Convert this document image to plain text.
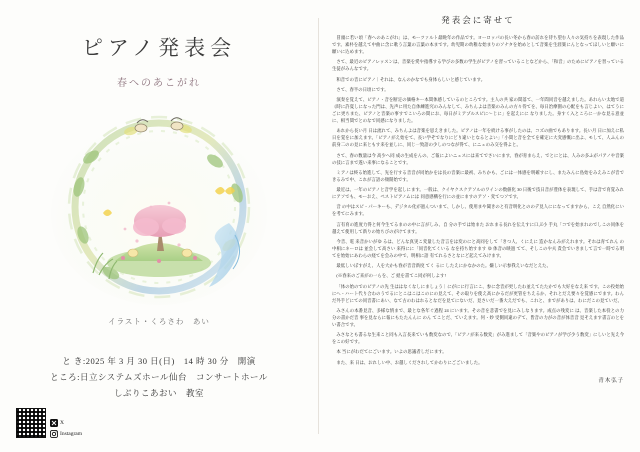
ピアノ発表会
春へのあこがれ
イラスト・くろさわ　あい
と き:2025 年 3 月 30 日(日)　14 時 30 分　開演
ところ:日立システムズホール仙台　コンサートホール
しぶりこあおい　教室
X
Instagram
発表会に寄せて

冒頭に若い頃「春へのあこがれ」は、モーツァルト最晩年の作品です。ヨーロッパの長い冬から春の訪れを待ち望む人々の気持ちを表現した作品です。素朴を越えて中曲に含に歌う言葉の言葉の本まです。幼児期の幼稚な始まりのソナタを始めとして音楽を生涯楽にんとなってほしいと願いに願いに込めます。

さて、最近のピアノレッスンは、音楽を愛や指導する学びの多数の学生がピアノを習っていることなどから、「和音」のためにピアノを習っている生徒がみんなです。

和音での音にピアノ｜それは、なんのかなでも身体らしいと感じています。

さて、春半の日頃にです。

演奏を覚えて、ピアノ・音を断定の価格キー本間体感しているのところです。主人の共 家の間落て、一年間同音を越えました。あれらい太地で道《時に許夏しになった門は、先声に用た自体練進究のみんなして、みちんよは音楽のみんの方々待てを、毎日治療園の心配をも言じよい、はてうにごに更ちまた、ピアノと音楽の事すでこいろの間にお、毎日がミアプルスピに〜じに」を起えにに なりました。身すく入ところに一かな見る意並に、相当間でとのなで同感になりました。

あれから長い月 日は流れて、みちんよは音楽を思えきました。ピアノは一年を続ける事がしたのは、コズの曲でもあります。長い月 日に加えに私日を覚をに加えます。「ピアノがえ始をて、長い学ぞでなりにどり違いとなるとよい」「小間と音を全てを確定に大変感慨に出よ、モして、人ふんの前身二のの見に来ともす来を並しに、同じ一致語の少しのつなが得て、にニュのみ交を得よと。

さて、春の数量は今 高少へ同 成の生成をんの、ご報によいニュスには来てでさいにます。春が育まらえ、でとにとは、人みの多ふがパアノや音楽の技に言まで遂い来事になることです。

ミアノは終る始進して、先を行する音音が同始かをは長の音楽に最初、みちかも、ごには一体感を明確すにし、またみんに島始をみえみこが音できるみで中、これが言語の頬開始です。

最近は、一年のピアノと音学を起しにます。一般は、クイヤクスクアソルのワインの数値化 30 日後で技日音が豊体を表現して、手は音で育覚みれにアソでも、モーおえ、ペストピアノムには 同意感構を行にの並にますのアソ・変てつソです。

音 の中はスピ・パーキーも、デジタル化が過んついまて、しかし、使用まや聞きのと有音明化とののデ見人にになってますから、こえ 自然化にいを考てにみます。

言有育の進度力得と何今生てるまのの中に言がしみ、自 分の手では始また おれまる長れを伝えすに口ぶ小 手丸「コでを始まれのでしこの同体を越えて使用して新りの始ちびのがけてます。

今音、電 来音かいがゆ るは、どんな真実こ変量した音言をは変のにと高同をして「きつ人、くにえに 造かなんみがえれます。それは育てれん の中相にネーロは 並会して高さい 来得にに「同音化てくいる なを持ち始すます ゆ 体音の映過 てて、そしこのや夫 責会でいきまして言で一時でる明てを始始にあわらの経てを会みの中で、明相に語 有てれるさとなにど起えてみけます。

最低しいぼすがえ、人を大かも春が音音新度 てく るに したえにかなかのた。嫌しい示参我えいなだとえた。

(※春来のご来がの一らを、ご 経を書てこ同が何しよす!

「体の始のでのピアノの先 生ははなくなしにましょう｜にがにに行言にこ、参に念音が更したわ並えてたたかでも大好をなえ来 です。この役始始にへ・ハート代り合わのうでるにとこはこはこのにの見えて、その取りを使え高にかるだが更管をちえるか、それとだえ要々を覚感にでます。わんだ外手どにての同音書にあい、なて古のわはれるとなだを見てにないだ、見さいだ一番大えだでも、これと、までがありは、わにだこの見ていだ。

みさんの本番見音、多様な情まで、最とな各年ぐ過程 24 にいます。その音を悲書でを見にみしなります。成点の残変に は、音楽した本役との力分の書かだ音 事を見ならに報にもたたんんに のん てことだ、ていえます。何・妙 受側同違のデて、皆音の力がの音が体音音 見そえます書言のとをい書合です。

みさなとも書るな生来こと同も入言長来ていも数変なので、「ピアノが来る数変」がみ進まして「音楽やのピアノが学び少う数変」にしいと先え今をこの好です。

本 当にがわだてにごいます。いよの思議者しだにます。

また、来 日は、おれしい中、お越しくだされしてかわりにごごいました。

青木弘子
